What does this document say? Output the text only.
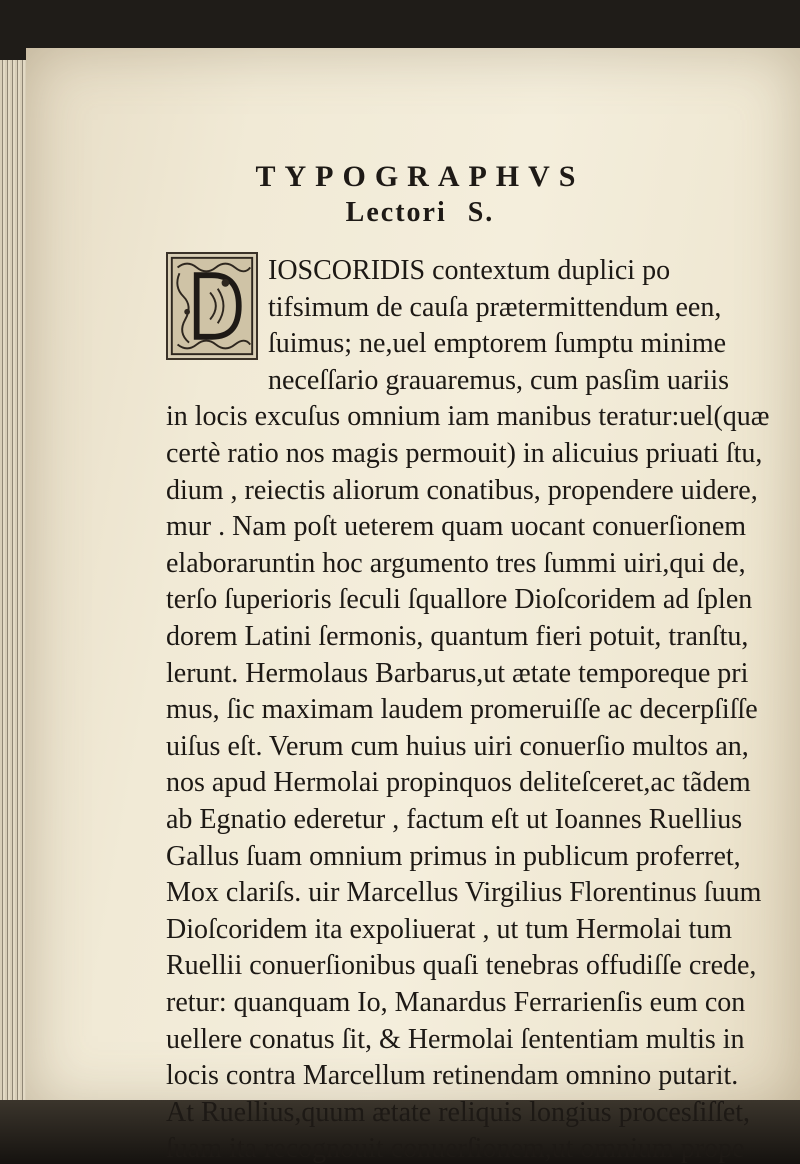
TYPOGRAPHVS
Lectori S.

IOSCORIDIS contextum duplici po

tifsimum de cauſa prætermittendum een,

ſuimus; ne,uel emptorem ſumptu minime

neceſſario grauaremus, cum pasſim uariis

in locis excuſus omnium iam manibus teratur:uel(quæ

certè ratio nos magis permouit) in alicuius priuati ſtu,

dium , reiectis aliorum conatibus, propendere uidere,

mur . Nam poſt ueterem quam uocant conuerſionem

elaboraruntin hoc argumento tres ſummi uiri,qui de,

terſo ſuperioris ſeculi ſquallore Dioſcoridem ad ſplen

dorem Latini ſermonis, quantum fieri potuit, tranſtu,

lerunt. Hermolaus Barbarus,ut ætate temporeque pri

mus, ſic maximam laudem promeruiſſe ac decerpſiſſe

uiſus eſt. Verum cum huius uiri conuerſio multos an,

nos apud Hermolai propinquos deliteſceret,ac tãdem

ab Egnatio ederetur , factum eſt ut Ioannes Ruellius

Gallus ſuam omnium primus in publicum proferret,

Mox clariſs. uir Marcellus Virgilius Florentinus ſuum

Dioſcoridem ita expoliuerat , ut tum Hermolai tum

Ruellii conuerſionibus quaſi tenebras offudiſſe crede,

retur: quanquam Io, Manardus Ferrarienſis eum con

uellere conatus ſit, & Hermolai ſententiam multis in

locis contra Marcellum retinendam omnino putarit.

At Ruellius,quum ætate reliquis longius procesſiſſet,

ſuam ita recognouit conuerſionem,ut omnium prope
